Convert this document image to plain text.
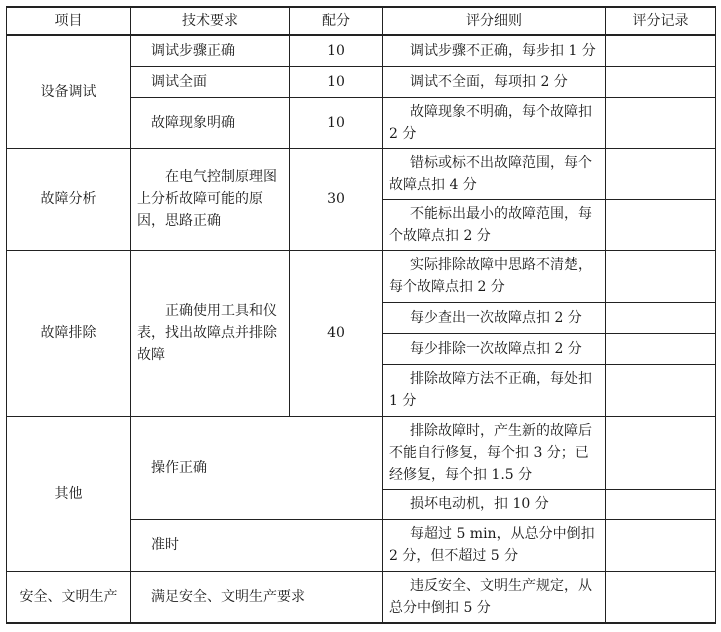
项目	技术要求	配分	评分细则	评分记录
设备调试	调试步骤正确	10	调试步骤不正确，每步扣 1 分	
	调试全面	10	调试不全面，每项扣 2 分	
	故障现象明确	10	故障现象不明确，每个故障扣 2 分	
故障分析	在电气控制原理图上分析故障可能的原因，思路正确	30	错标或标不出故障范围，每个故障点扣 4 分	
			不能标出最小的故障范围，每个故障点扣 2 分	
故障排除	正确使用工具和仪表，找出故障点并排除故障	40	实际排除故障中思路不清楚，每个故障点扣 2 分	
			每少查出一次故障点扣 2 分	
			每少排除一次故障点扣 2 分	
			排除故障方法不正确，每处扣 1 分	
其他	操作正确		排除故障时，产生新的故障后不能自行修复，每个扣 3 分；已经修复，每个扣 1.5 分	
			损坏电动机，扣 10 分	
	准时		每超过 5 min，从总分中倒扣 2 分，但不超过 5 分	
安全、文明生产	满足安全、文明生产要求		违反安全、文明生产规定，从总分中倒扣 5 分	
